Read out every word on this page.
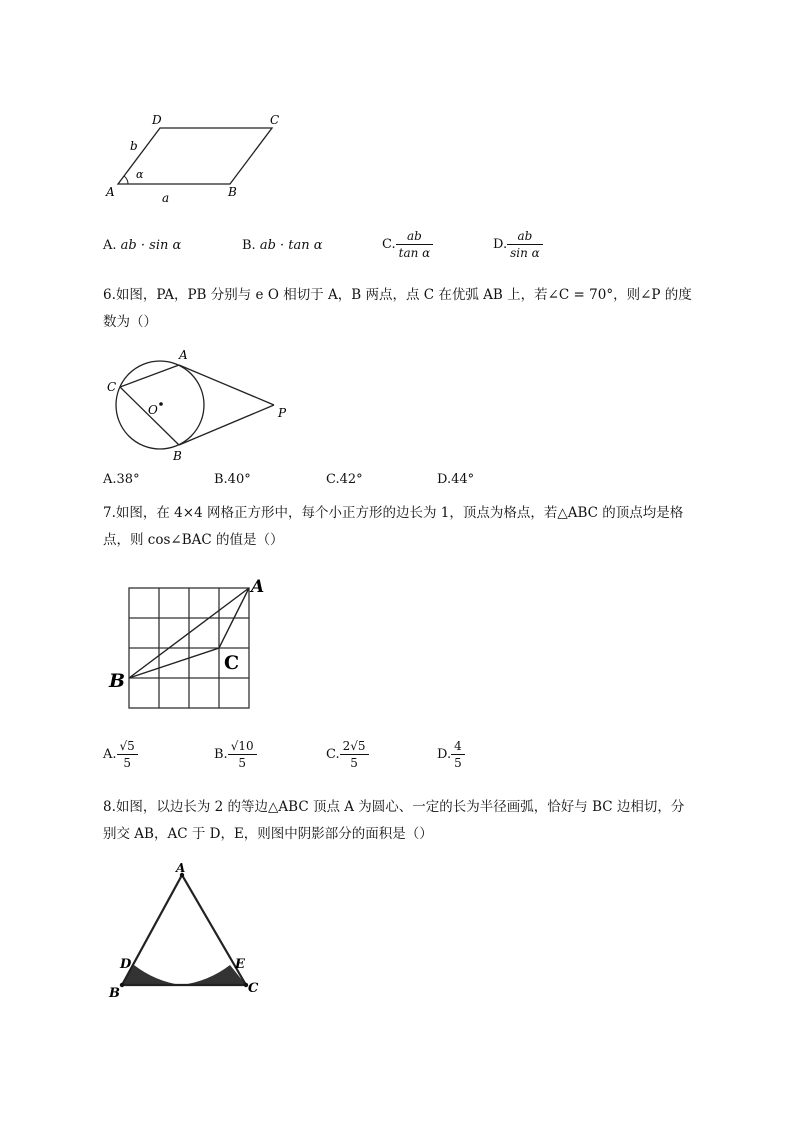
D	C
A	B
b
α
a
A. ab · sin α	B. ab · tan α	C. $\frac{ab}{\text{tan α}}$	D. $\frac{ab}{\text{sin α}}$
6.如图，PA，PB 分别与 e O 相切于 A，B 两点，点 C 在优弧 AB 上，若∠C = 70°，则∠P 的度
数为（）
A
C
O	P
B
A.38°	B.40°	C.42°	D.44°
7.如图，在 4×4 网格正方形中，每个小正方形的边长为 1，顶点为格点，若△ABC 的顶点均是格
点，则 cos∠BAC 的值是（）
A
C
B
A. $\frac{√5}{5}$	B. $\frac{√10}{5}$	C. $\frac{2√5}{5}$	D. $\frac{4}{5}$
8.如图，以边长为 2 的等边△ABC 顶点 A 为圆心、一定的长为半径画弧，恰好与 BC 边相切，分
别交 AB，AC 于 D，E，则图中阴影部分的面积是（）
A
D	E
B	C
